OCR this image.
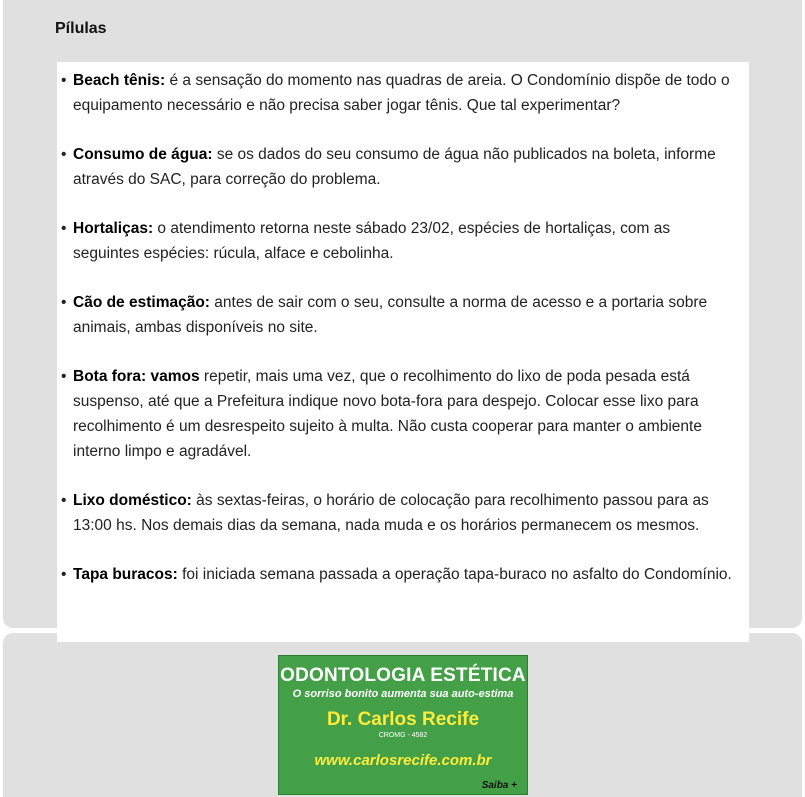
Pílulas
• Beach tênis: é a sensação do momento nas quadras de areia. O Condomínio dispõe de todo o equipamento necessário e não precisa saber jogar tênis. Que tal experimentar?
• Consumo de água: se os dados do seu consumo de água não publicados na boleta, informe através do SAC, para correção do problema.
• Hortaliças: o atendimento retorna neste sábado 23/02, espécies de hortaliças, com as seguintes espécies: rúcula, alface e cebolinha.
• Cão de estimação: antes de sair com o seu, consulte a norma de acesso e a portaria sobre animais, ambas disponíveis no site.
• Bota fora: vamos repetir, mais uma vez, que o recolhimento do lixo de poda pesada está suspenso, até que a Prefeitura indique novo bota-fora para despejo. Colocar esse lixo para recolhimento é um desrespeito sujeito à multa. Não custa cooperar para manter o ambiente interno limpo e agradável.
• Lixo doméstico: às sextas-feiras, o horário de colocação para recolhimento passou para as 13:00 hs. Nos demais dias da semana, nada muda e os horários permanecem os mesmos.
• Tapa buracos: foi iniciada semana passada a operação tapa-buraco no asfalto do Condomínio.
ODONTOLOGIA ESTÉTICA
O sorriso bonito aumenta sua auto-estima
Dr. Carlos Recife
CROMG - 4582
www.carlosrecife.com.br
Saiba +
